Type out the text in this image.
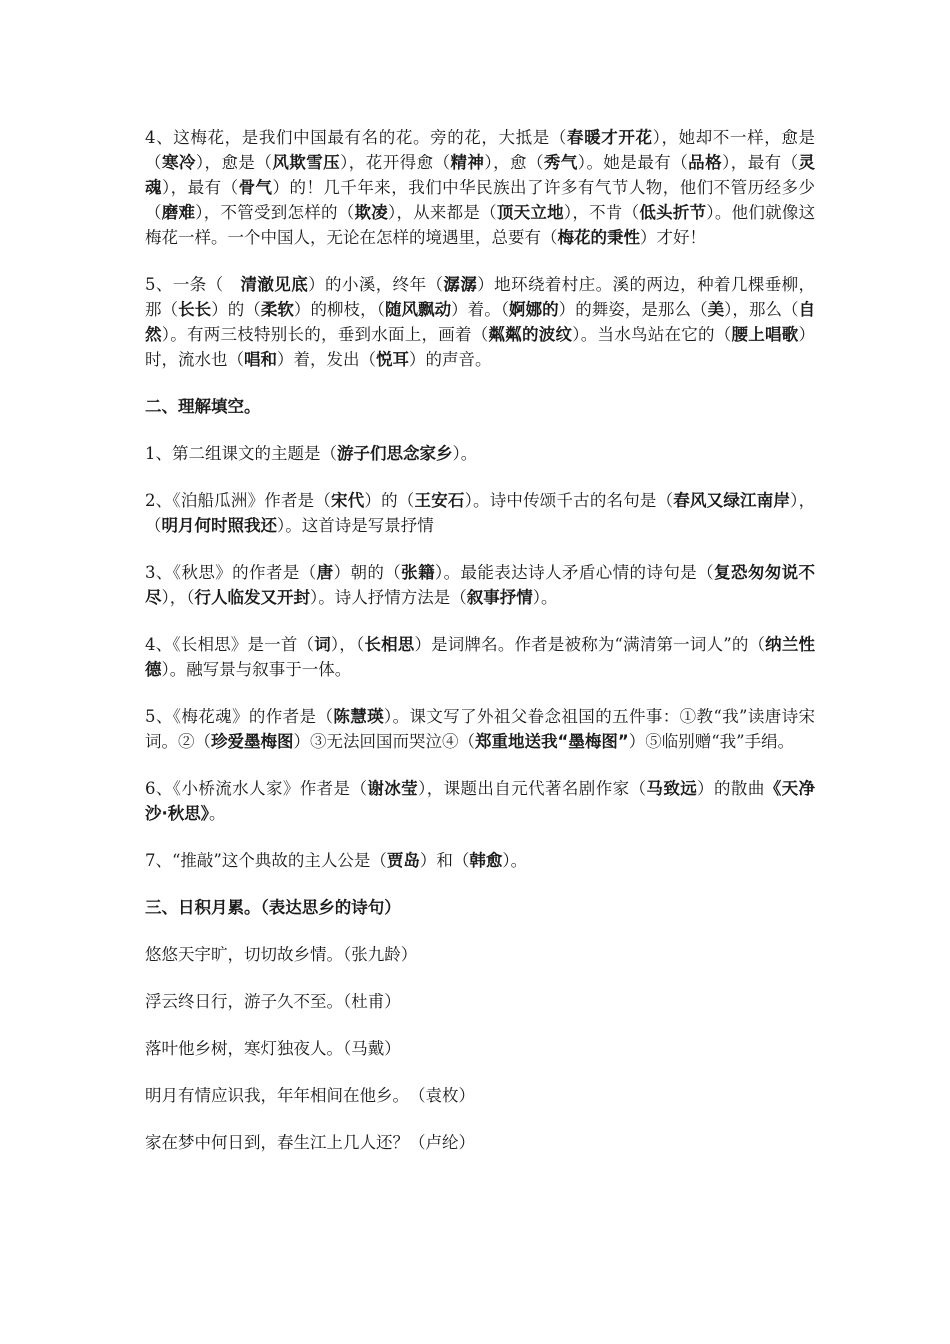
4、这梅花，是我们中国最有名的花。旁的花，大抵是（春暖才开花），她却不一样，愈是（寒冷），愈是（风欺雪压），花开得愈（精神），愈（秀气）。她是最有（品格），最有（灵魂），最有（骨气）的！几千年来，我们中华民族出了许多有气节人物，他们不管历经多少（磨难），不管受到怎样的（欺凌），从来都是（顶天立地），不肯（低头折节）。他们就像这梅花一样。一个中国人，无论在怎样的境遇里，总要有（梅花的秉性）才好！
5、一条（　清澈见底）的小溪，终年（潺潺）地环绕着村庄。溪的两边，种着几棵垂柳，那（长长）的（柔软）的柳枝，（随风飘动）着。（婀娜的）的舞姿，是那么（美），那么（自然）。有两三枝特别长的，垂到水面上，画着（粼粼的波纹）。当水鸟站在它的（腰上唱歌）时，流水也（唱和）着，发出（悦耳）的声音。
二、理解填空。
1、第二组课文的主题是（游子们思念家乡）。
2、《泊船瓜洲》作者是（宋代）的（王安石）。诗中传颂千古的名句是（春风又绿江南岸），（明月何时照我还）。这首诗是写景抒情
3、《秋思》的作者是（唐）朝的（张籍）。最能表达诗人矛盾心情的诗句是（复恐匆匆说不尽），（行人临发又开封）。诗人抒情方法是（叙事抒情）。
4、《长相思》是一首（词），（长相思）是词牌名。作者是被称为“满清第一词人”的（纳兰性德）。融写景与叙事于一体。
5、《梅花魂》的作者是（陈慧瑛）。课文写了外祖父眷念祖国的五件事：①教“我”读唐诗宋词。②（珍爱墨梅图）③无法回国而哭泣④（郑重地送我“墨梅图”）⑤临别赠“我”手绢。
6、《小桥流水人家》作者是（谢冰莹），课题出自元代著名剧作家（马致远）的散曲《天净沙·秋思》。
7、“推敲”这个典故的主人公是（贾岛）和（韩愈）。
三、日积月累。（表达思乡的诗句）
悠悠天宇旷，切切故乡情。（张九龄）
浮云终日行，游子久不至。（杜甫）
落叶他乡树，寒灯独夜人。（马戴）
明月有情应识我，年年相间在他乡。　（袁枚）
家在梦中何日到，春生江上几人还？（卢纶）
